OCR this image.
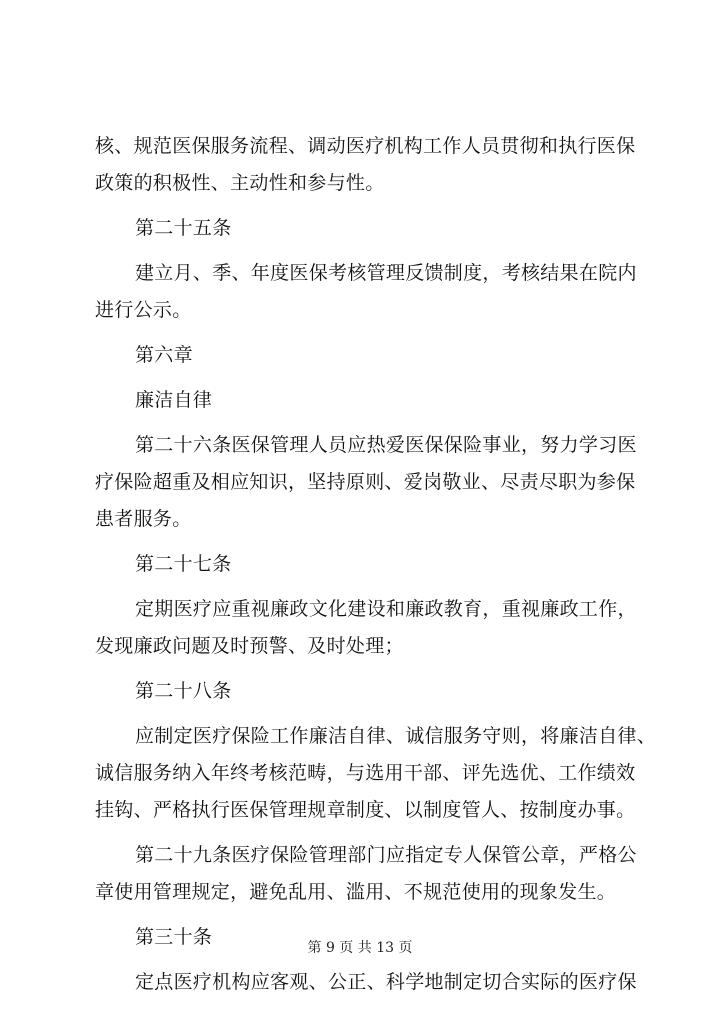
核、规范医保服务流程、调动医疗机构工作人员贯彻和执行医保
政策的积极性、主动性和参与性。
第二十五条
建立月、季、年度医保考核管理反馈制度，考核结果在院内
进行公示。
第六章
廉洁自律
第二十六条医保管理人员应热爱医保保险事业，努力学习医
疗保险超重及相应知识，坚持原则、爱岗敬业、尽责尽职为参保
患者服务。
第二十七条
定期医疗应重视廉政文化建设和廉政教育，重视廉政工作，
发现廉政问题及时预警、及时处理；
第二十八条
应制定医疗保险工作廉洁自律、诚信服务守则，将廉洁自律、
诚信服务纳入年终考核范畴，与选用干部、评先选优、工作绩效
挂钩、严格执行医保管理规章制度、以制度管人、按制度办事。
第二十九条医疗保险管理部门应指定专人保管公章，严格公
章使用管理规定，避免乱用、滥用、不规范使用的现象发生。
第三十条
定点医疗机构应客观、公正、科学地制定切合实际的医疗保
第 9 页 共 13 页
